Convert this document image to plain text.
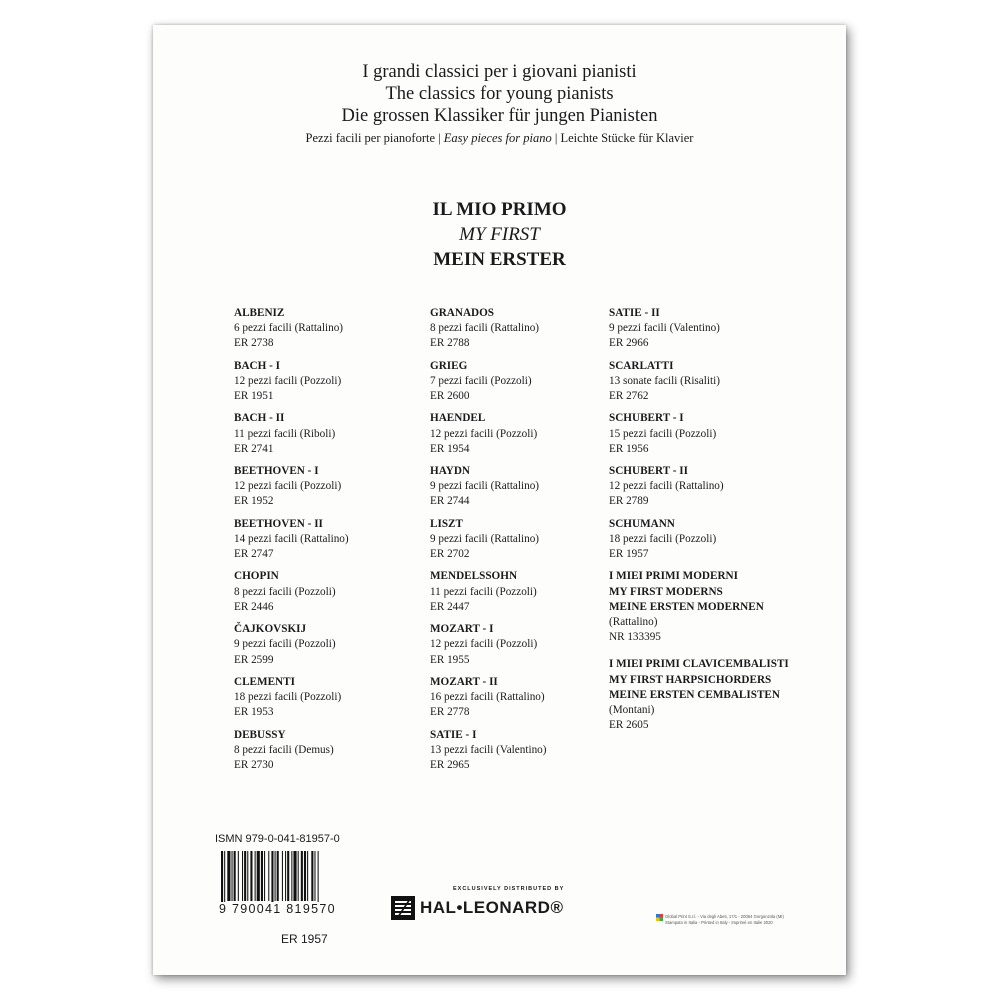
I grandi classici per i giovani pianisti
The classics for young pianists
Die grossen Klassiker für jungen Pianisten
Pezzi facili per pianoforte | Easy pieces for piano | Leichte Stücke für Klavier
IL MIO PRIMO
MY FIRST
MEIN ERSTER
ALBENIZ
6 pezzi facili (Rattalino)
ER 2738
BACH - I
12 pezzi facili (Pozzoli)
ER 1951
BACH - II
11 pezzi facili (Riboli)
ER 2741
BEETHOVEN - I
12 pezzi facili (Pozzoli)
ER 1952
BEETHOVEN - II
14 pezzi facili (Rattalino)
ER 2747
CHOPIN
8 pezzi facili (Pozzoli)
ER 2446
ČAJKOVSKIJ
9 pezzi facili (Pozzoli)
ER 2599
CLEMENTI
18 pezzi facili (Pozzoli)
ER 1953
DEBUSSY
8 pezzi facili (Demus)
ER 2730
GRANADOS
8 pezzi facili (Rattalino)
ER 2788
GRIEG
7 pezzi facili (Pozzoli)
ER 2600
HAENDEL
12 pezzi facili (Pozzoli)
ER 1954
HAYDN
9 pezzi facili (Rattalino)
ER 2744
LISZT
9 pezzi facili (Rattalino)
ER 2702
MENDELSSOHN
11 pezzi facili (Pozzoli)
ER 2447
MOZART - I
12 pezzi facili (Pozzoli)
ER 1955
MOZART - II
16 pezzi facili (Rattalino)
ER 2778
SATIE - I
13 pezzi facili (Valentino)
ER 2965
SATIE - II
9 pezzi facili (Valentino)
ER 2966
SCARLATTI
13 sonate facili (Risaliti)
ER 2762
SCHUBERT - I
15 pezzi facili (Pozzoli)
ER 1956
SCHUBERT - II
12 pezzi facili (Rattalino)
ER 2789
SCHUMANN
18 pezzi facili (Pozzoli)
ER 1957
I MIEI PRIMI MODERNI
MY FIRST MODERNS
MEINE ERSTEN MODERNEN
(Rattalino)
NR 133395
I MIEI PRIMI CLAVICEMBALISTI
MY FIRST HARPSICHORDERS
MEINE ERSTEN CEMBALISTEN
(Montani)
ER 2605
ISMN 979-0-041-81957-0
9 790041 819570
ER 1957
EXCLUSIVELY DISTRIBUTED BY
HAL•LEONARD®	Global Print S.r.l. - Via degli Abeti, 17/1 - 20064 Gorgonzola (MI)
Stampato in Italia - Printed in Italy - Imprimé en Italie 2020
